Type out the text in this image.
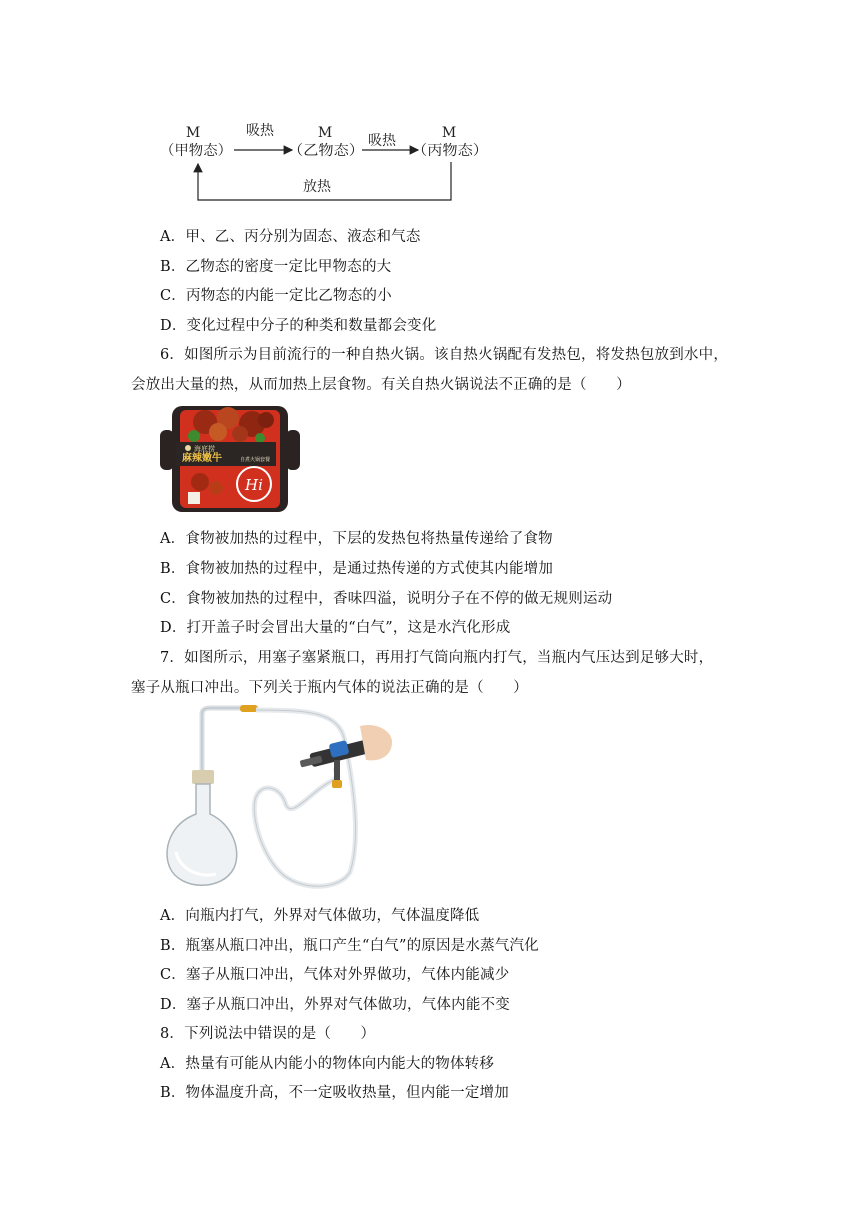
M	M	M
（甲物态）	（乙物态）	（丙物态）
吸热
吸热
放热
A．甲、乙、丙分别为固态、液态和气态
B．乙物态的密度一定比甲物态的大
C．丙物态的内能一定比乙物态的小
D．变化过程中分子的种类和数量都会变化
6．如图所示为目前流行的一种自热火锅。该自热火锅配有发热包，将发热包放到水中，
会放出大量的热，从而加热上层食物。有关自热火锅说法不正确的是（　　）
海底捞
麻辣嫩牛	自煮火锅套餐
Hi
A．食物被加热的过程中，下层的发热包将热量传递给了食物
B．食物被加热的过程中，是通过热传递的方式使其内能增加
C．食物被加热的过程中，香味四溢，说明分子在不停的做无规则运动
D．打开盖子时会冒出大量的“白气”，这是水汽化形成
7．如图所示，用塞子塞紧瓶口，再用打气筒向瓶内打气，当瓶内气压达到足够大时，
塞子从瓶口冲出。下列关于瓶内气体的说法正确的是（　　）
A．向瓶内打气，外界对气体做功，气体温度降低
B．瓶塞从瓶口冲出，瓶口产生“白气”的原因是水蒸气汽化
C．塞子从瓶口冲出，气体对外界做功，气体内能减少
D．塞子从瓶口冲出，外界对气体做功，气体内能不变
8．下列说法中错误的是（　　）
A．热量有可能从内能小的物体向内能大的物体转移
B．物体温度升高，不一定吸收热量，但内能一定增加
